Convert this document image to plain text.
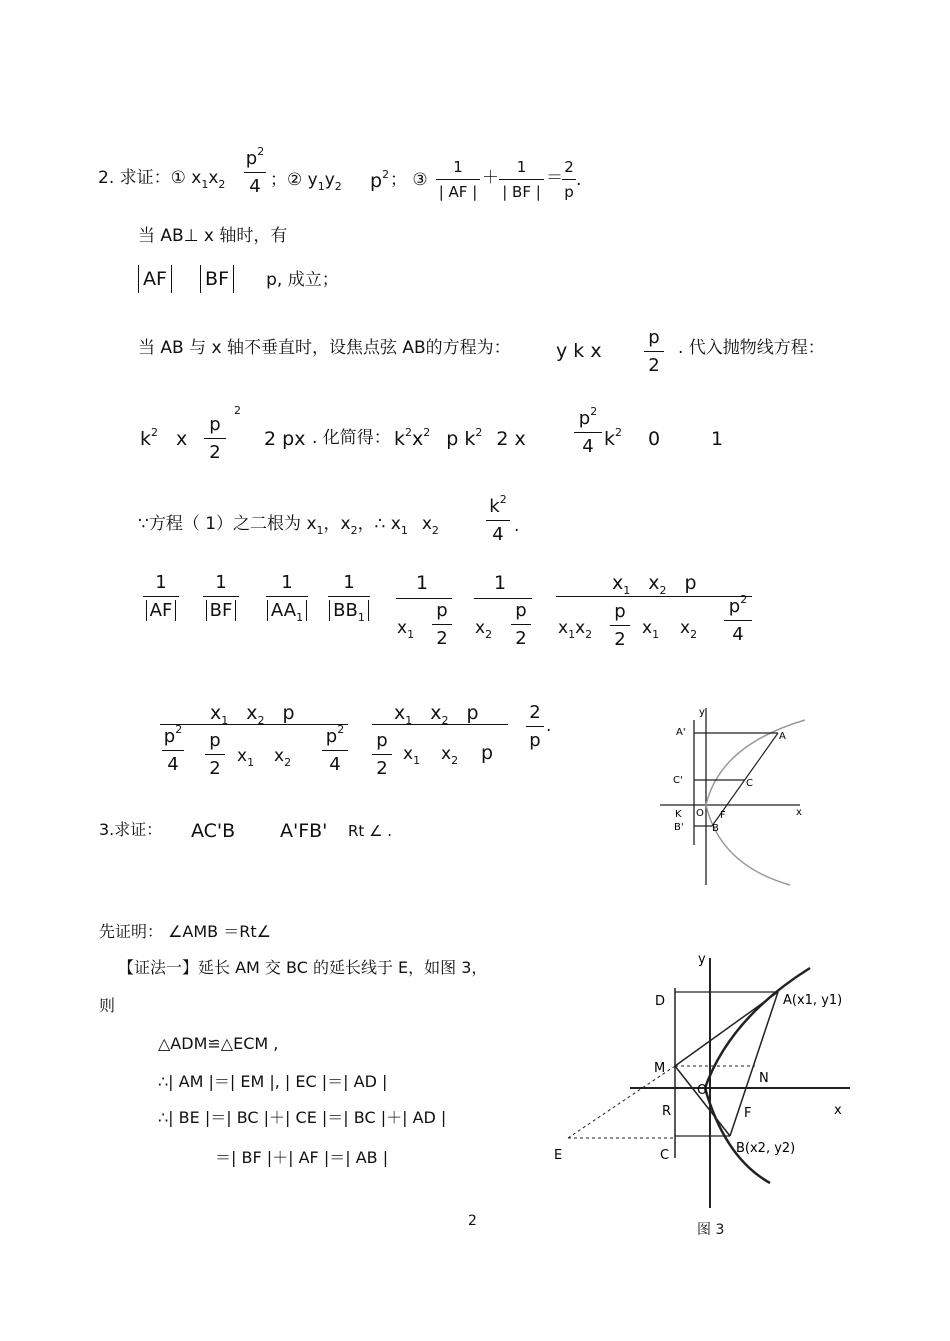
2. 求证：① $x_1x_2$
$p^2$
4 ；② $y_1y_2$ $p^2$ ； ③
1
| AF |
＋
1
| BF |
＝
2
p
.
当 AB⊥ x 轴时，有
AF BF p, 成立；
当 AB 与 x 轴不垂直时，设焦点弦 AB的方程为： y k x
p
2
. 代入抛物线方程：
$k^2$ x
p
2
2
2 px . 化简得： $k^2x^2$ p $k^2$ 2 x
$p^2$
4 $k^2$ 0	1
∵方程（ 1）之二根为 $x_1$，$x_2$，∴ $x_1$ $x_2$
$k^2$
4 .
1
AF
1
BF
1
$AA_1$
1
$BB_1$
1
$x_1$
p
2
1
$x_2$
p
2
$x_1$ $x_2$ p
$x_1x_2$
p
2
$x_1$ $x_2$
$p^2$
4
$x_1$ $x_2$ p
$p^2$
4
p
2
$x_1$ $x_2$
$p^2$
4
$x_1$ $x_2$ p
p
2
$x_1$ $x_2$ p
2
p
.
3.求证： AC'B A'FB' Rt ∠ .
先证明： ∠AMB ＝Rt∠
【证法一】延长 AM 交 BC 的延长线于 E，如图 3，
则
△ADM≌△ECM ,
∴| AM |＝| EM |, | EC |＝| AD |
∴| BE |＝| BC |＋| CE |＝| BC |＋| AD |
＝| BF |＋| AF |＝| AB |
y
x
A'	A
C'	C
K O F
B'	B
y
x
D	A(x1, y1)
M
N
O
R	F
E	C	B(x2, y2)
图 3
2
